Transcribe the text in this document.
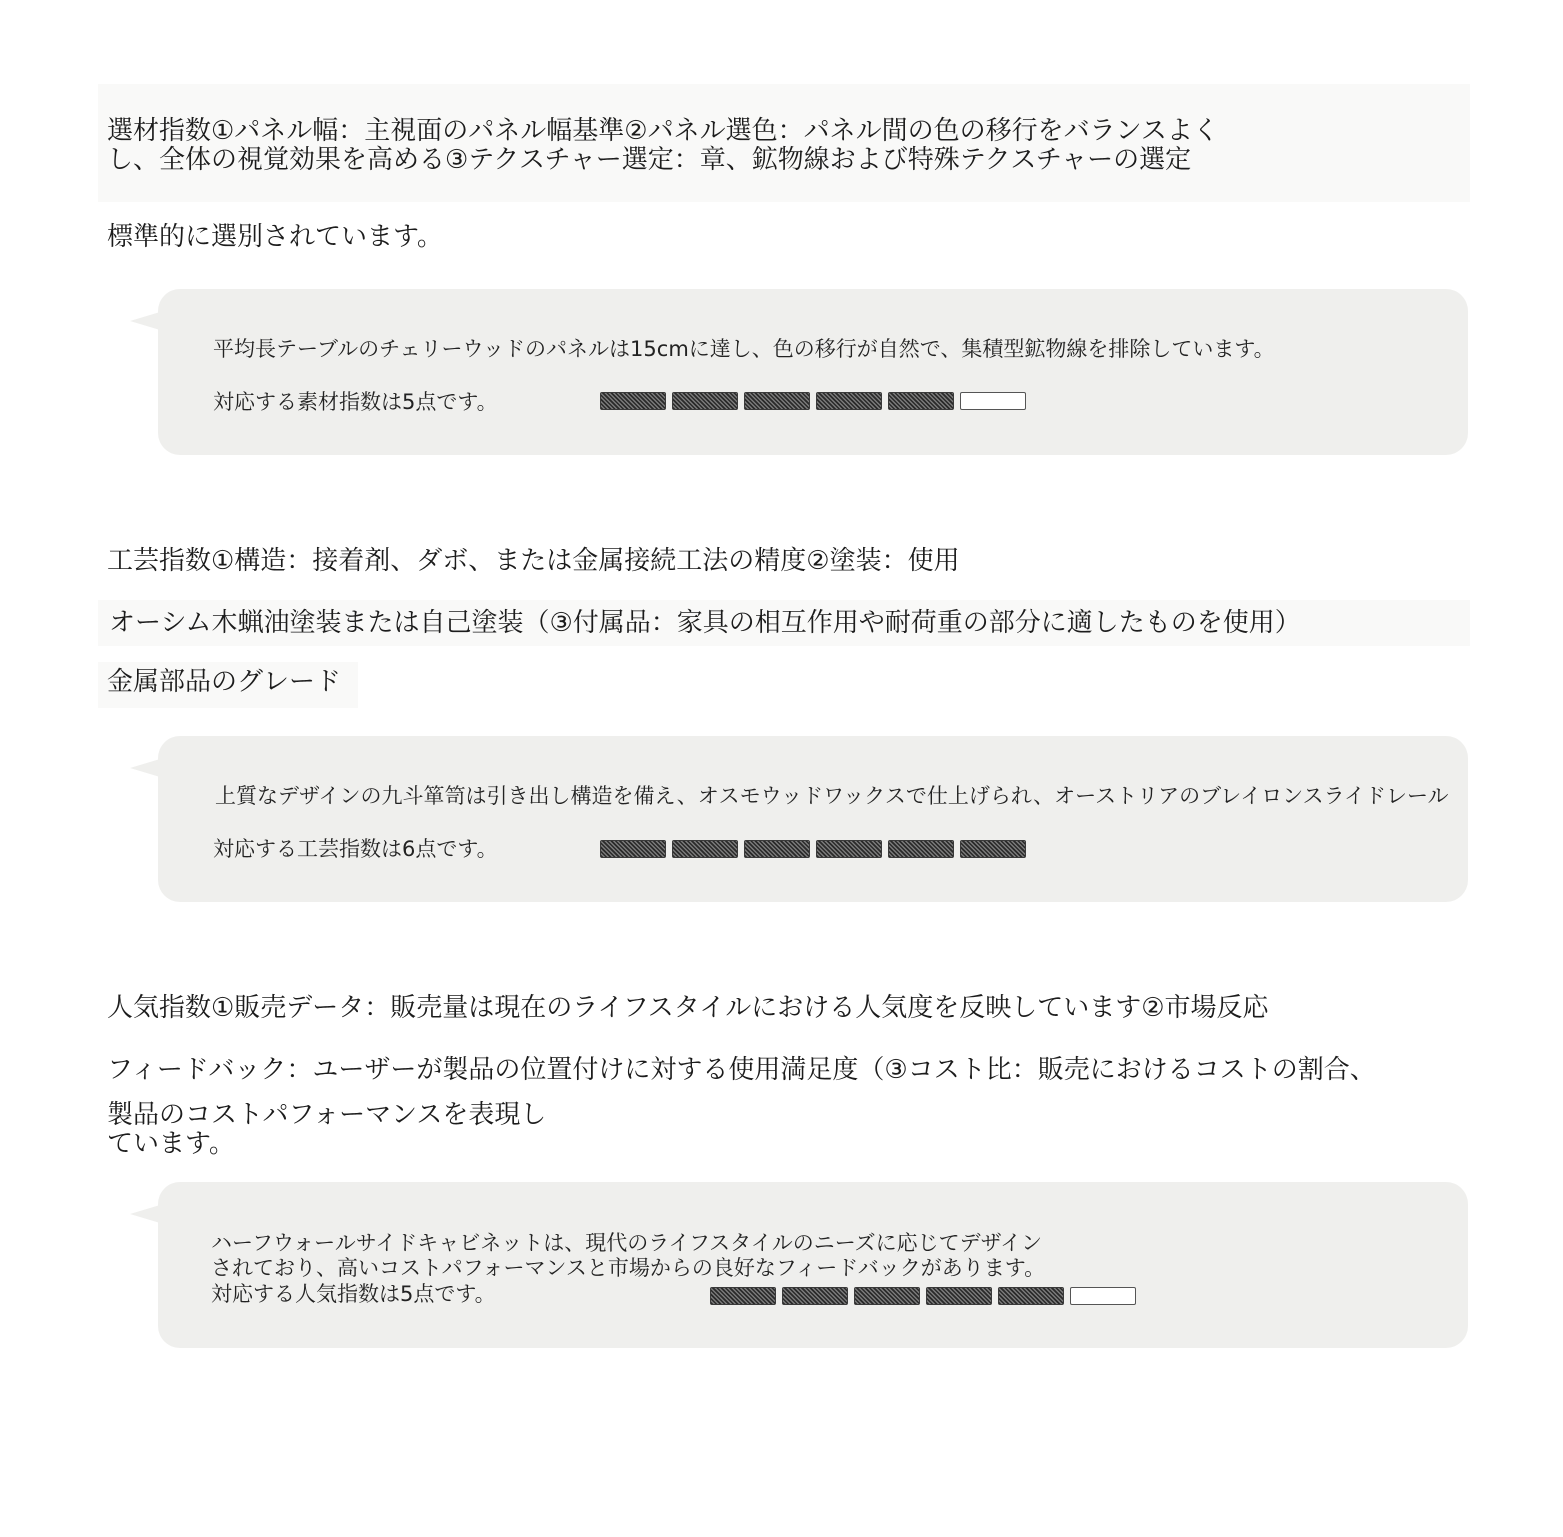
選材指数①パネル幅：主視面のパネル幅基準②パネル選色：パネル間の色の移行をバランスよく
し、全体の視覚効果を高める③テクスチャー選定：章、鉱物線および特殊テクスチャーの選定
標準的に選別されています。
平均長テーブルのチェリーウッドのパネルは15cmに達し、色の移行が自然で、集積型鉱物線を排除しています。
対応する素材指数は5点です。
工芸指数①構造：接着剤、ダボ、または金属接続工法の精度②塗装：使用
オーシム木蝋油塗装または自己塗装（③付属品：家具の相互作用や耐荷重の部分に適したものを使用）
金属部品のグレード
上質なデザインの九斗箪笥は引き出し構造を備え、オスモウッドワックスで仕上げられ、オーストリアのブレイロンスライドレール
対応する工芸指数は6点です。
人気指数①販売データ：販売量は現在のライフスタイルにおける人気度を反映しています②市場反応
フィードバック：ユーザーが製品の位置付けに対する使用満足度（③コスト比：販売におけるコストの割合、
製品のコストパフォーマンスを表現し
ています。
ハーフウォールサイドキャビネットは、現代のライフスタイルのニーズに応じてデザイン
されており、高いコストパフォーマンスと市場からの良好なフィードバックがあります。
対応する人気指数は5点です。
